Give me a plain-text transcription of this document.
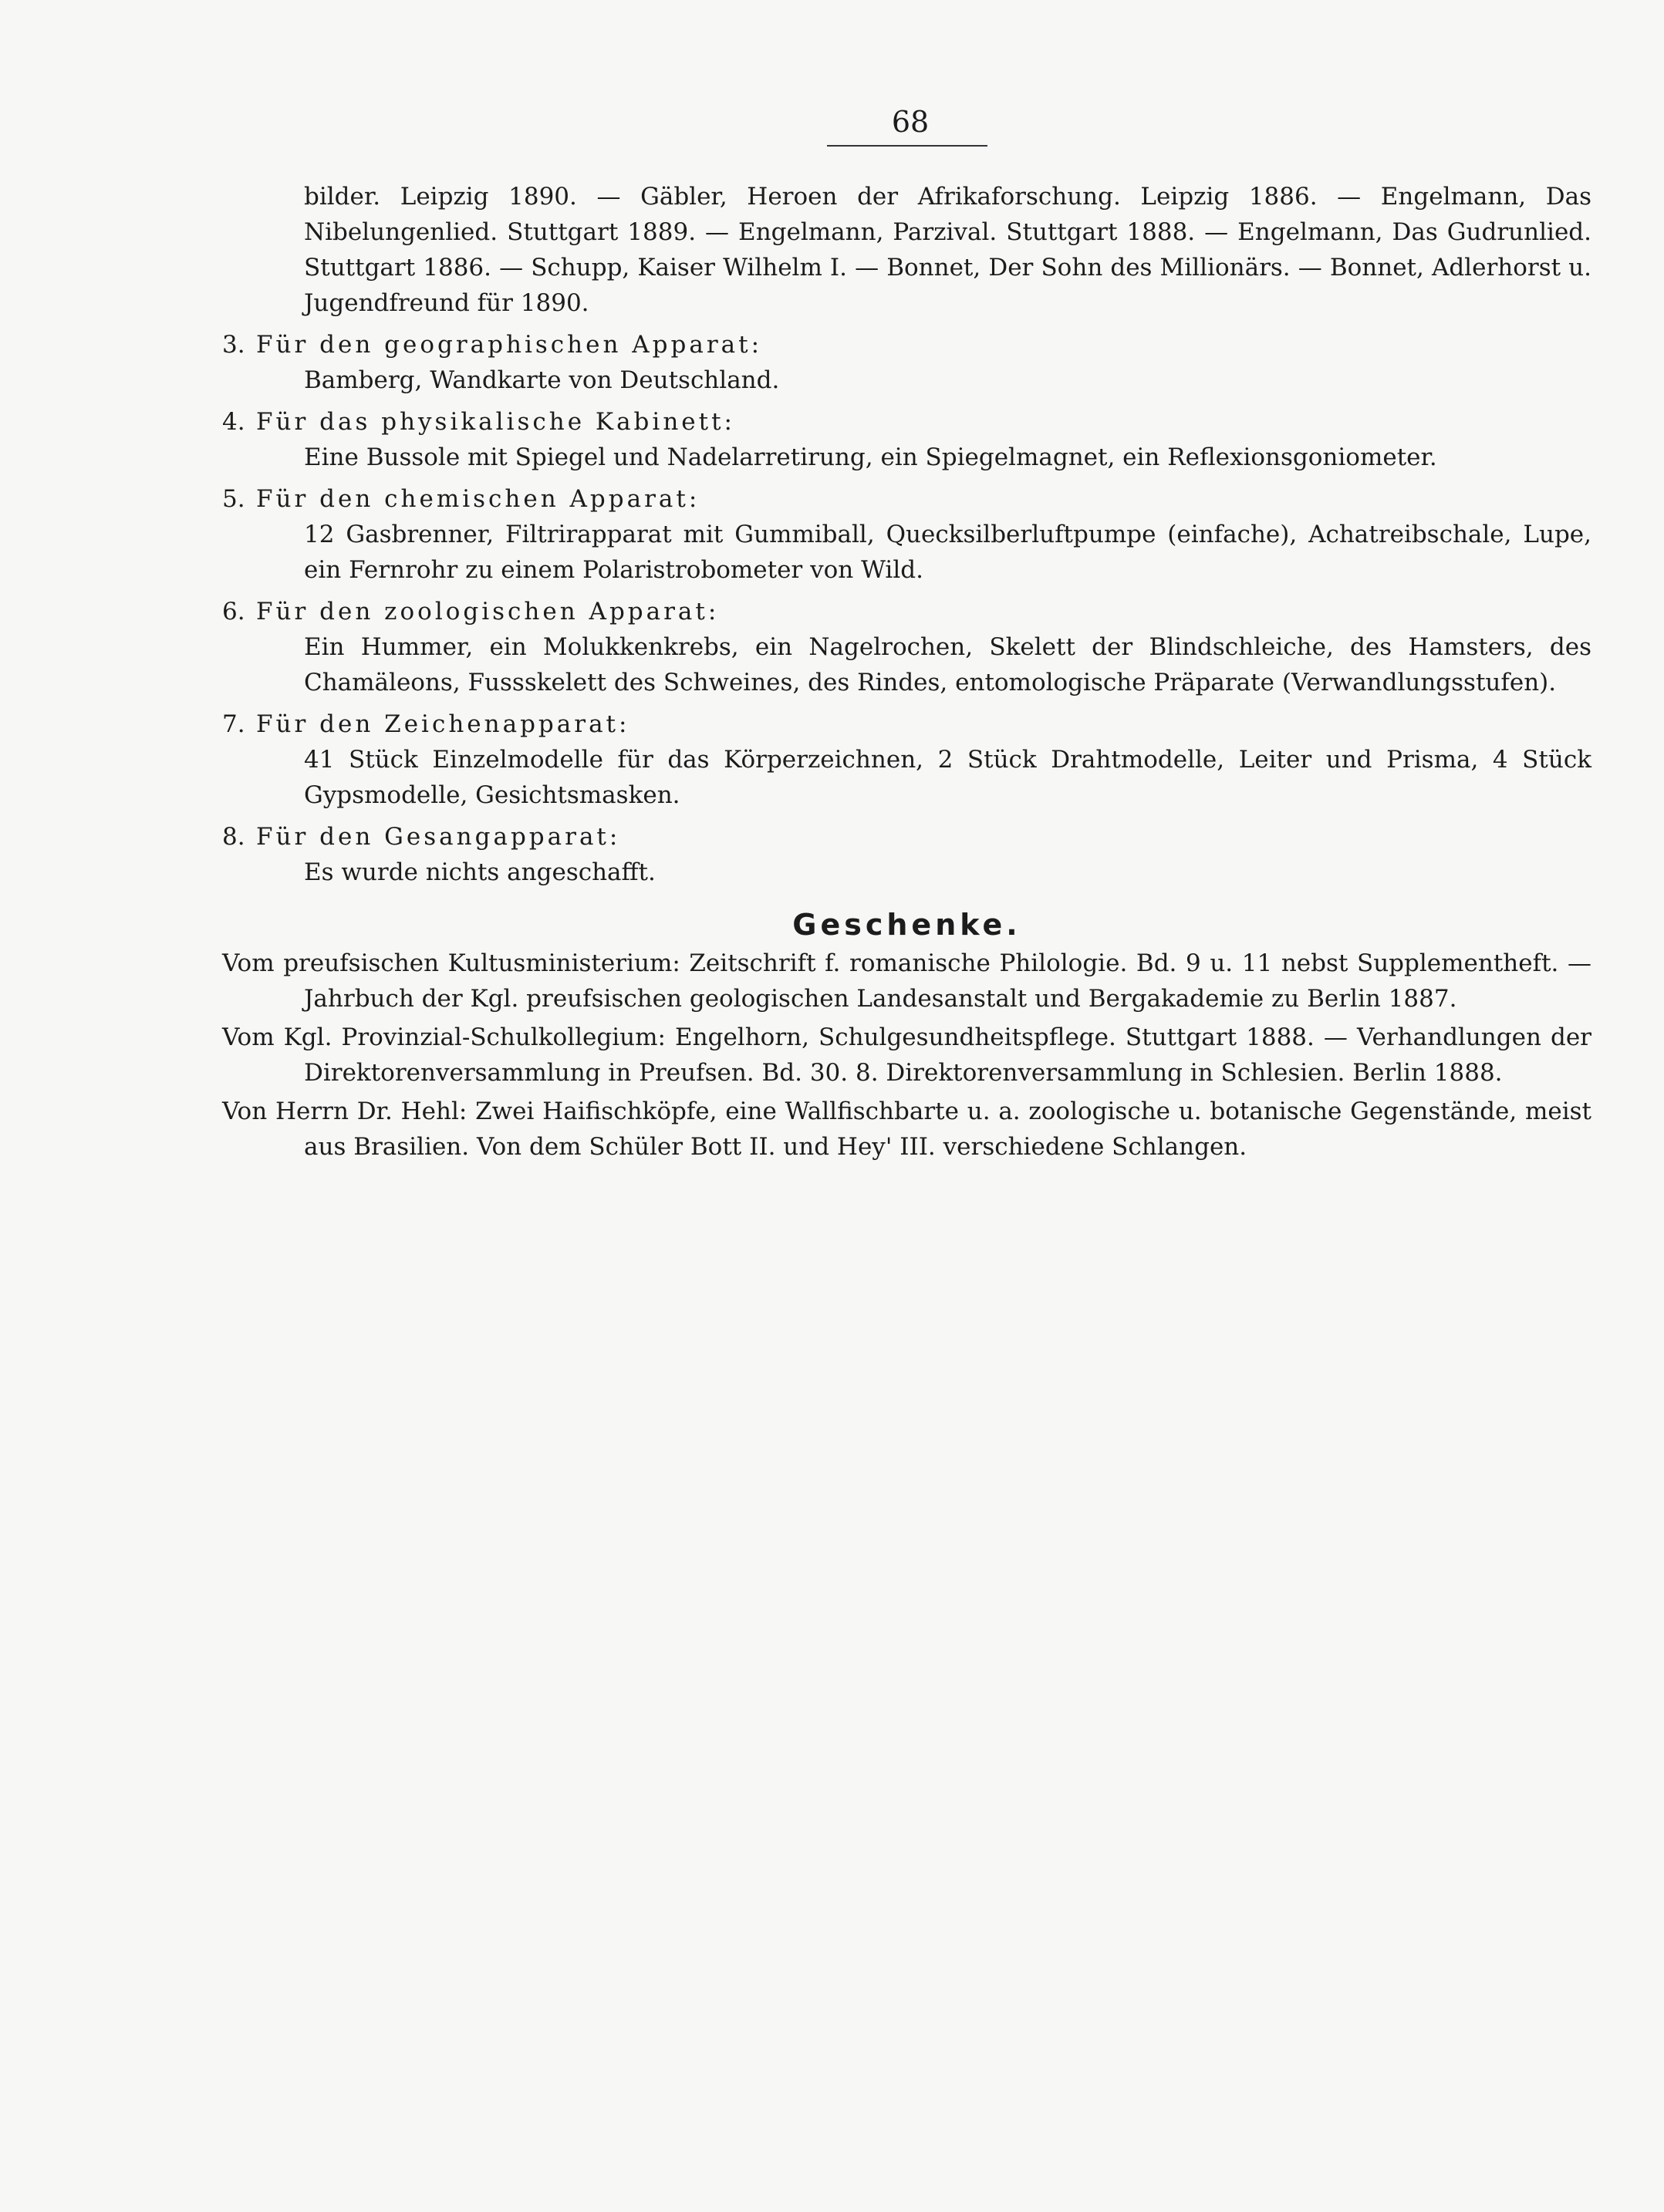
68

bilder. Leipzig 1890. — Gäbler, Heroen der Afrikaforschung. Leipzig 1886. — Engelmann, Das Nibelungenlied. Stuttgart 1889. — Engelmann, Parzival. Stuttgart 1888. — Engelmann, Das Gudrunlied. Stuttgart 1886. — Schupp, Kaiser Wilhelm I. — Bonnet, Der Sohn des Millionärs. — Bonnet, Adlerhorst u. Jugendfreund für 1890.

3. Für den geographischen Apparat:
Bamberg, Wandkarte von Deutschland.
4. Für das physikalische Kabinett:
Eine Bussole mit Spiegel und Nadelarretirung, ein Spiegelmagnet, ein Reflexionsgoniometer.
5. Für den chemischen Apparat:
12 Gasbrenner, Filtrirapparat mit Gummiball, Quecksilberluftpumpe (einfache), Achatreibschale, Lupe, ein Fernrohr zu einem Polaristrobometer von Wild.
6. Für den zoologischen Apparat:
Ein Hummer, ein Molukkenkrebs, ein Nagelrochen, Skelett der Blindschleiche, des Hamsters, des Chamäleons, Fussskelett des Schweines, des Rindes, entomologische Präparate (Verwandlungsstufen).
7. Für den Zeichenapparat:
41 Stück Einzelmodelle für das Körperzeichnen, 2 Stück Drahtmodelle, Leiter und Prisma, 4 Stück Gypsmodelle, Gesichtsmasken.
8. Für den Gesangapparat:
Es wurde nichts angeschafft.
Geschenke.
Vom preufsischen Kultusministerium: Zeitschrift f. romanische Philologie. Bd. 9 u. 11 nebst Supplementheft. — Jahrbuch der Kgl. preufsischen geologischen Landesanstalt und Bergakademie zu Berlin 1887.
Vom Kgl. Provinzial-Schulkollegium: Engelhorn, Schulgesundheitspflege. Stuttgart 1888. — Verhandlungen der Direktorenversammlung in Preufsen. Bd. 30. 8. Direktorenversammlung in Schlesien. Berlin 1888.
Von Herrn Dr. Hehl: Zwei Haifischköpfe, eine Wallfischbarte u. a. zoologische u. botanische Gegenstände, meist aus Brasilien. Von dem Schüler Bott II. und Hey' III. verschiedene Schlangen.
